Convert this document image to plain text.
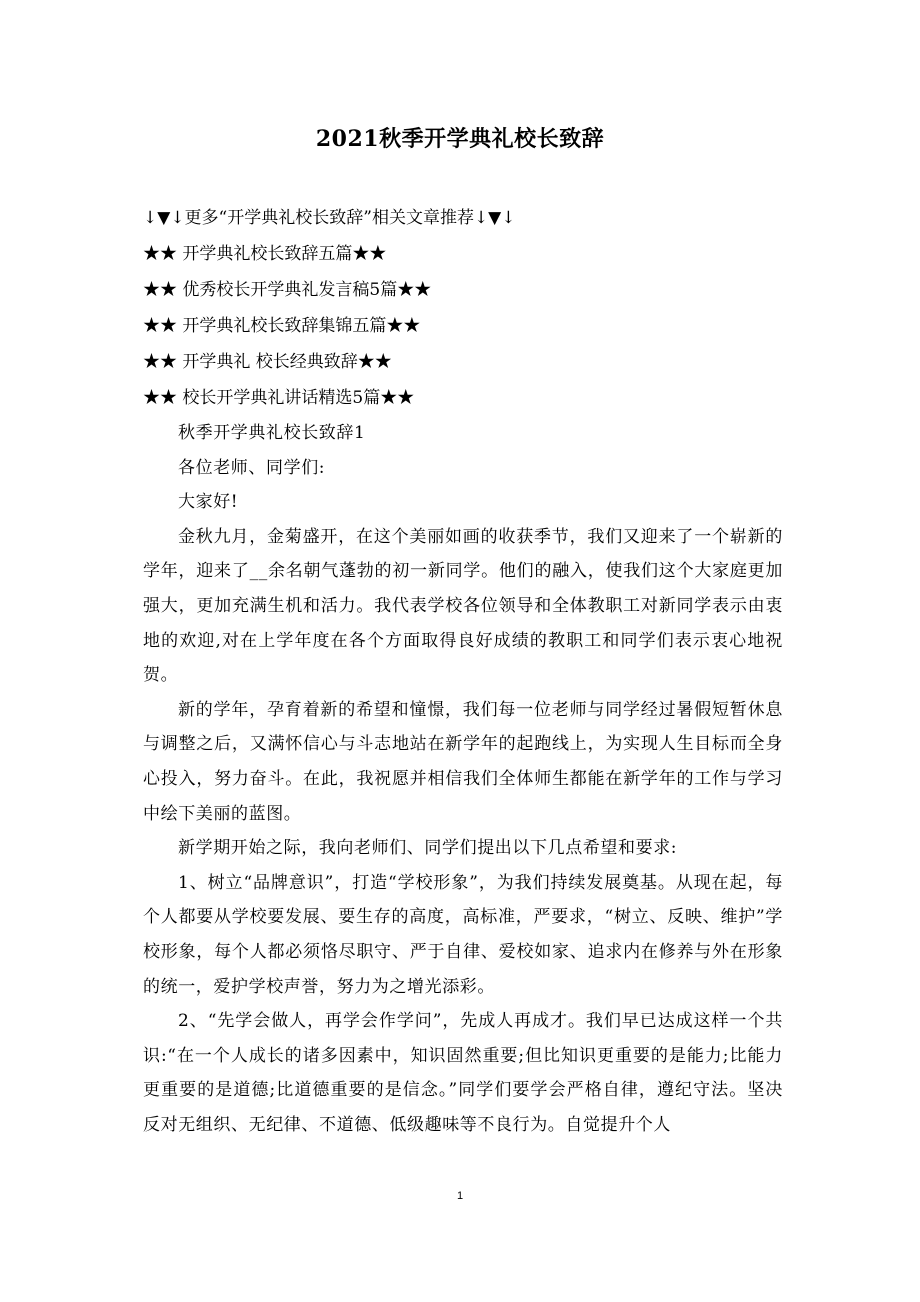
2021秋季开学典礼校长致辞
↓▼↓更多“开学典礼校长致辞”相关文章推荐↓▼↓
★★ 开学典礼校长致辞五篇★★
★★ 优秀校长开学典礼发言稿5篇★★
★★ 开学典礼校长致辞集锦五篇★★
★★ 开学典礼 校长经典致辞★★
★★ 校长开学典礼讲话精选5篇★★

秋季开学典礼校长致辞1

各位老师、同学们:

大家好!

金秋九月，金菊盛开，在这个美丽如画的收获季节，我们又迎来了一个崭新的学年，迎来了__余名朝气蓬勃的初一新同学。他们的融入，使我们这个大家庭更加强大，更加充满生机和活力。我代表学校各位领导和全体教职工对新同学表示由衷地的欢迎,对在上学年度在各个方面取得良好成绩的教职工和同学们表示衷心地祝贺。

新的学年，孕育着新的希望和憧憬，我们每一位老师与同学经过暑假短暂休息与调整之后，又满怀信心与斗志地站在新学年的起跑线上，为实现人生目标而全身心投入，努力奋斗。在此，我祝愿并相信我们全体师生都能在新学年的工作与学习中绘下美丽的蓝图。

新学期开始之际，我向老师们、同学们提出以下几点希望和要求:

1、树立“品牌意识”，打造“学校形象”，为我们持续发展奠基。从现在起，每个人都要从学校要发展、要生存的高度，高标准，严要求，“树立、反映、维护”学校形象，每个人都必须恪尽职守、严于自律、爱校如家、追求内在修养与外在形象的统一，爱护学校声誉，努力为之增光添彩。

2、“先学会做人，再学会作学问”，先成人再成才。我们早已达成这样一个共识:“在一个人成长的诸多因素中，知识固然重要;但比知识更重要的是能力;比能力更重要的是道德;比道德重要的是信念。”同学们要学会严格自律，遵纪守法。坚决反对无组织、无纪律、不道德、低级趣味等不良行为。自觉提升个人

1
